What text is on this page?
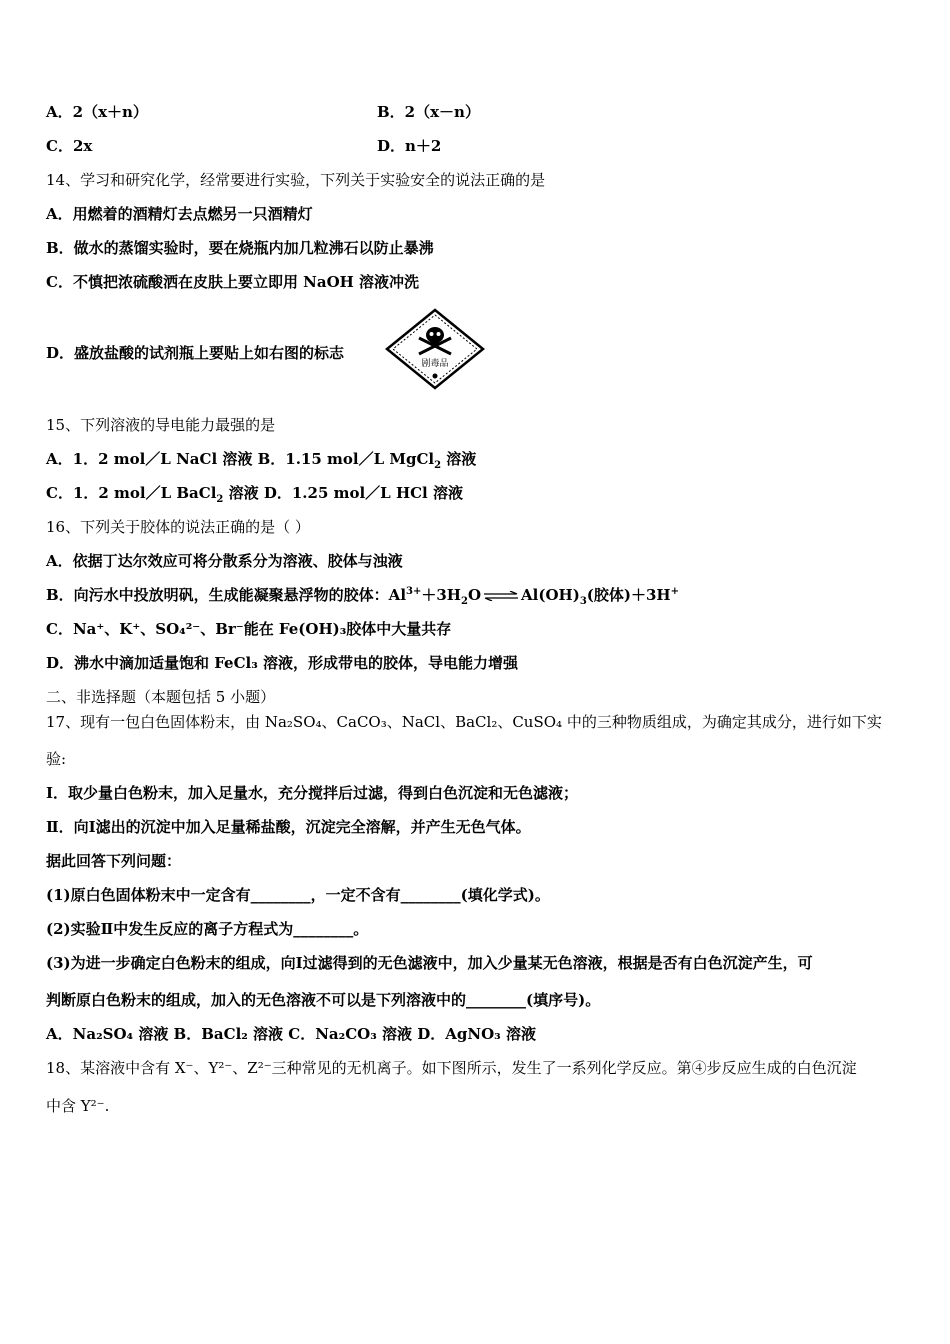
A．2（x＋n）	B．2（x－n）
C．2x	D．n＋2
14、学习和研究化学，经常要进行实验，下列关于实验安全的说法正确的是
A．用燃着的酒精灯去点燃另一只酒精灯
B．做水的蒸馏实验时，要在烧瓶内加几粒沸石以防止暴沸
C．不慎把浓硫酸洒在皮肤上要立即用 NaOH 溶液冲洗
D．盛放盐酸的试剂瓶上要贴上如右图的标志
剧毒品
15、下列溶液的导电能力最强的是
A．1．2 mol／L NaCl 溶液 B．1.15 mol／L MgCl$_2$ 溶液
C．1．2 mol／L BaCl$_2$ 溶液 D．1.25 mol／L HCl 溶液
16、下列关于胶体的说法正确的是（ ）
A．依据丁达尔效应可将分散系分为溶液、胶体与浊液
B．向污水中投放明矾，生成能凝聚悬浮物的胶体：$Al^{3+}+3H_2O$ ⇌ $Al(OH)_3$(胶体)＋3H+
C．Na⁺、K⁺、SO₄²⁻、Br⁻能在 Fe(OH)₃胶体中大量共存
D．沸水中滴加适量饱和 FeCl₃ 溶液，形成带电的胶体，导电能力增强
二、非选择题（本题包括 5 小题）
17、现有一包白色固体粉末，由 Na₂SO₄、CaCO₃、NaCl、BaCl₂、CuSO₄ 中的三种物质组成，为确定其成分，进行如下实
验:
Ⅰ．取少量白色粉末，加入足量水，充分搅拌后过滤，得到白色沉淀和无色滤液；
Ⅱ．向Ⅰ滤出的沉淀中加入足量稀盐酸，沉淀完全溶解，并产生无色气体。
据此回答下列问题：
(1)原白色固体粉末中一定含有________，一定不含有________(填化学式)。
(2)实验Ⅱ中发生反应的离子方程式为________。
(3)为进一步确定白色粉末的组成，向Ⅰ过滤得到的无色滤液中，加入少量某无色溶液，根据是否有白色沉淀产生，可
判断原白色粉末的组成，加入的无色溶液不可以是下列溶液中的________(填序号)。
A．Na₂SO₄ 溶液 B．BaCl₂ 溶液 C．Na₂CO₃ 溶液 D．AgNO₃ 溶液
18、某溶液中含有 X⁻、Y²⁻、Z²⁻三种常见的无机离子。如下图所示，发生了一系列化学反应。第④步反应生成的白色沉淀
中含 Y²⁻.
